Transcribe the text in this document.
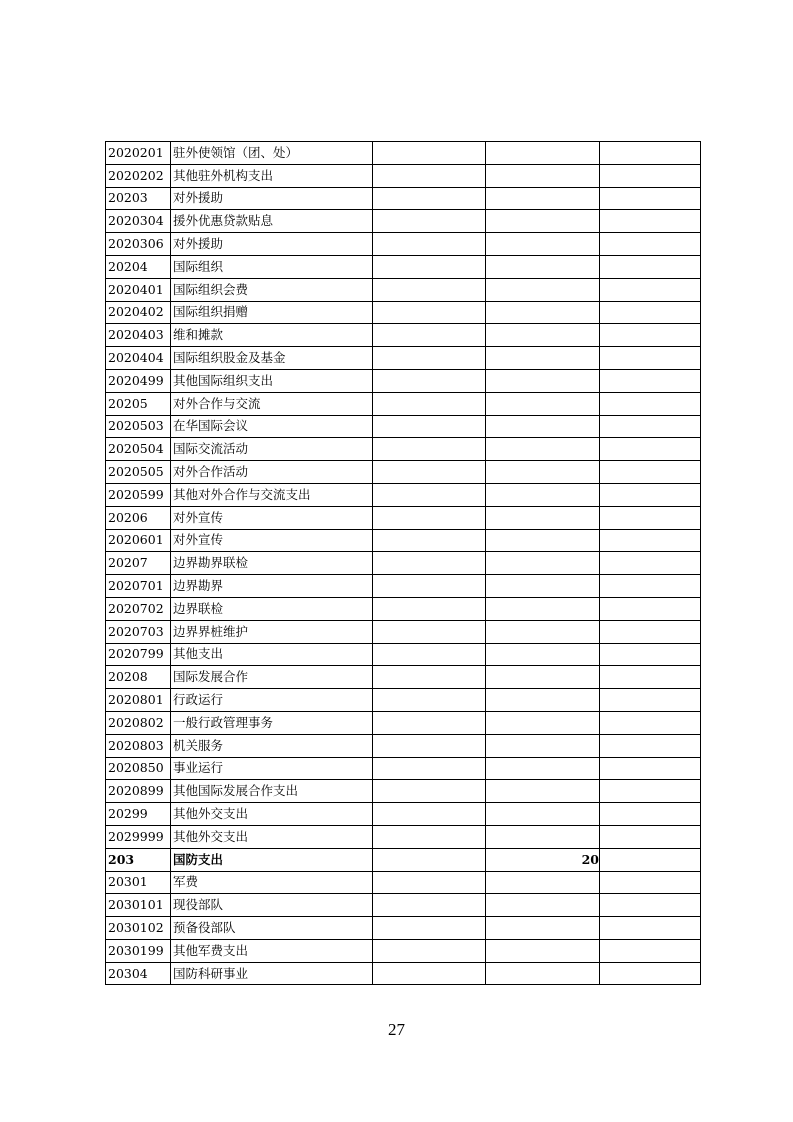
2020201	驻外使领馆（团、处）			
2020202	其他驻外机构支出			
20203	对外援助			
2020304	援外优惠贷款贴息			
2020306	对外援助			
20204	国际组织			
2020401	国际组织会费			
2020402	国际组织捐赠			
2020403	维和摊款			
2020404	国际组织股金及基金			
2020499	其他国际组织支出			
20205	对外合作与交流			
2020503	在华国际会议			
2020504	国际交流活动			
2020505	对外合作活动			
2020599	其他对外合作与交流支出			
20206	对外宣传			
2020601	对外宣传			
20207	边界勘界联检			
2020701	边界勘界			
2020702	边界联检			
2020703	边界界桩维护			
2020799	其他支出			
20208	国际发展合作			
2020801	行政运行			
2020802	一般行政管理事务			
2020803	机关服务			
2020850	事业运行			
2020899	其他国际发展合作支出			
20299	其他外交支出			
2029999	其他外交支出			
203	国防支出		20	
20301	军费			
2030101	现役部队			
2030102	预备役部队			
2030199	其他军费支出			
20304	国防科研事业			
27
